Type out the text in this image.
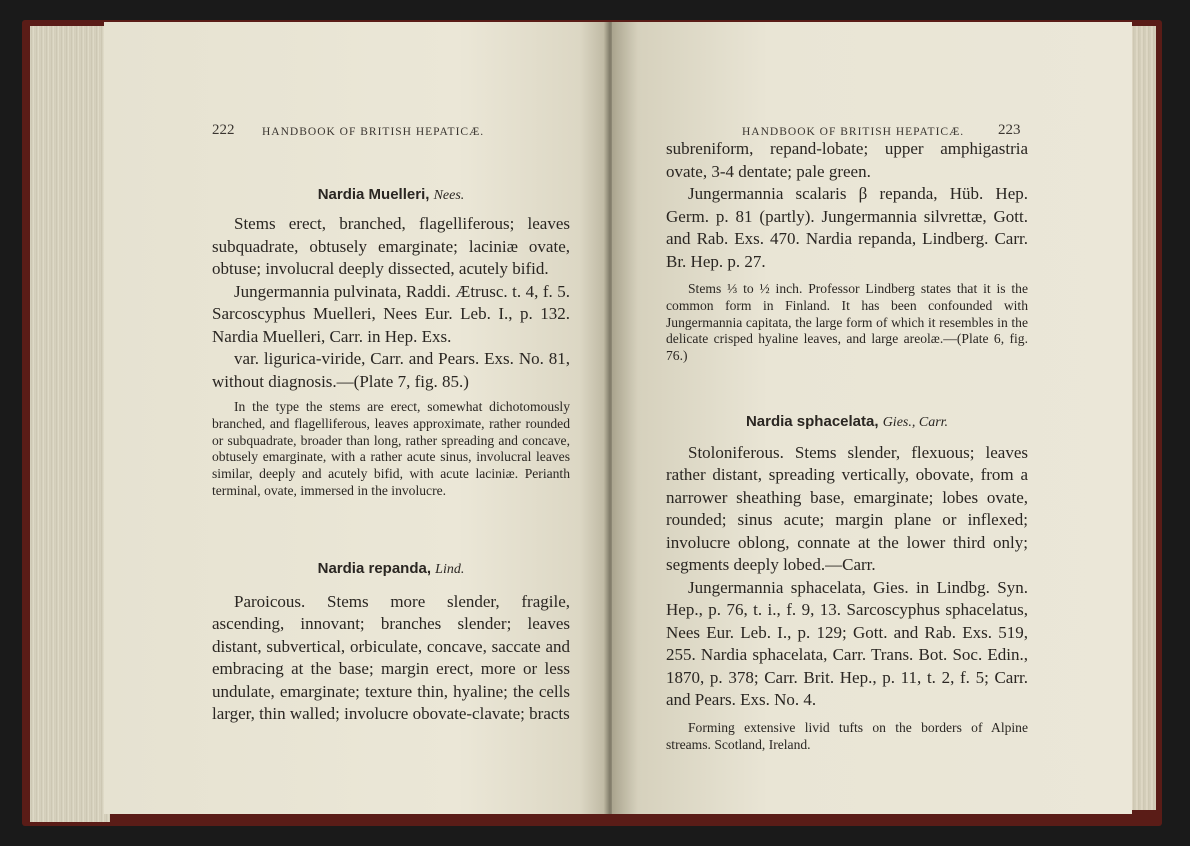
222 HANDBOOK OF BRITISH HEPATICÆ.
Nardia Muelleri, Nees.

Stems erect, branched, flagelliferous; leaves subquadrate, obtusely emarginate; laciniæ ovate, obtuse; involucral deeply dissected, acutely bifid.

Jungermannia pulvinata, Raddi. Ætrusc. t. 4, f. 5. Sarcoscyphus Muelleri, Nees Eur. Leb. I., p. 132. Nardia Muelleri, Carr. in Hep. Exs.

var. ligurica-viride, Carr. and Pears. Exs. No. 81, without diagnosis.—(Plate 7, fig. 85.)

In the type the stems are erect, somewhat dichotomously branched, and flagelliferous, leaves approximate, rather rounded or subquadrate, broader than long, rather spreading and concave, obtusely emarginate, with a rather acute sinus, involucral leaves similar, deeply and acutely bifid, with acute laciniæ. Perianth terminal, ovate, immersed in the involucre.

Nardia repanda, Lind.

Paroicous. Stems more slender, fragile, ascending, innovant; branches slender; leaves distant, subvertical, orbiculate, concave, saccate and embracing at the base; margin erect, more or less undulate, emarginate; texture thin, hyaline; the cells larger, thin walled; involucre obovate-clavate; bracts

HANDBOOK OF BRITISH HEPATICÆ. 223

subreniform, repand-lobate; upper amphigastria ovate, 3-4 dentate; pale green.

Jungermannia scalaris β repanda, Hüb. Hep. Germ. p. 81 (partly). Jungermannia silvrettæ, Gott. and Rab. Exs. 470. Nardia repanda, Lindberg. Carr. Br. Hep. p. 27.

Stems ⅓ to ½ inch. Professor Lindberg states that it is the common form in Finland. It has been confounded with Jungermannia capitata, the large form of which it resembles in the delicate crisped hyaline leaves, and large areolæ.—(Plate 6, fig. 76.)

Nardia sphacelata, Gies., Carr.

Stoloniferous. Stems slender, flexuous; leaves rather distant, spreading vertically, obovate, from a narrower sheathing base, emarginate; lobes ovate, rounded; sinus acute; margin plane or inflexed; involucre oblong, connate at the lower third only; segments deeply lobed.—Carr.

Jungermannia sphacelata, Gies. in Lindbg. Syn. Hep., p. 76, t. i., f. 9, 13. Sarcoscyphus sphacelatus, Nees Eur. Leb. I., p. 129; Gott. and Rab. Exs. 519, 255. Nardia sphacelata, Carr. Trans. Bot. Soc. Edin., 1870, p. 378; Carr. Brit. Hep., p. 11, t. 2, f. 5; Carr. and Pears. Exs. No. 4.

Forming extensive livid tufts on the borders of Alpine streams. Scotland, Ireland.
